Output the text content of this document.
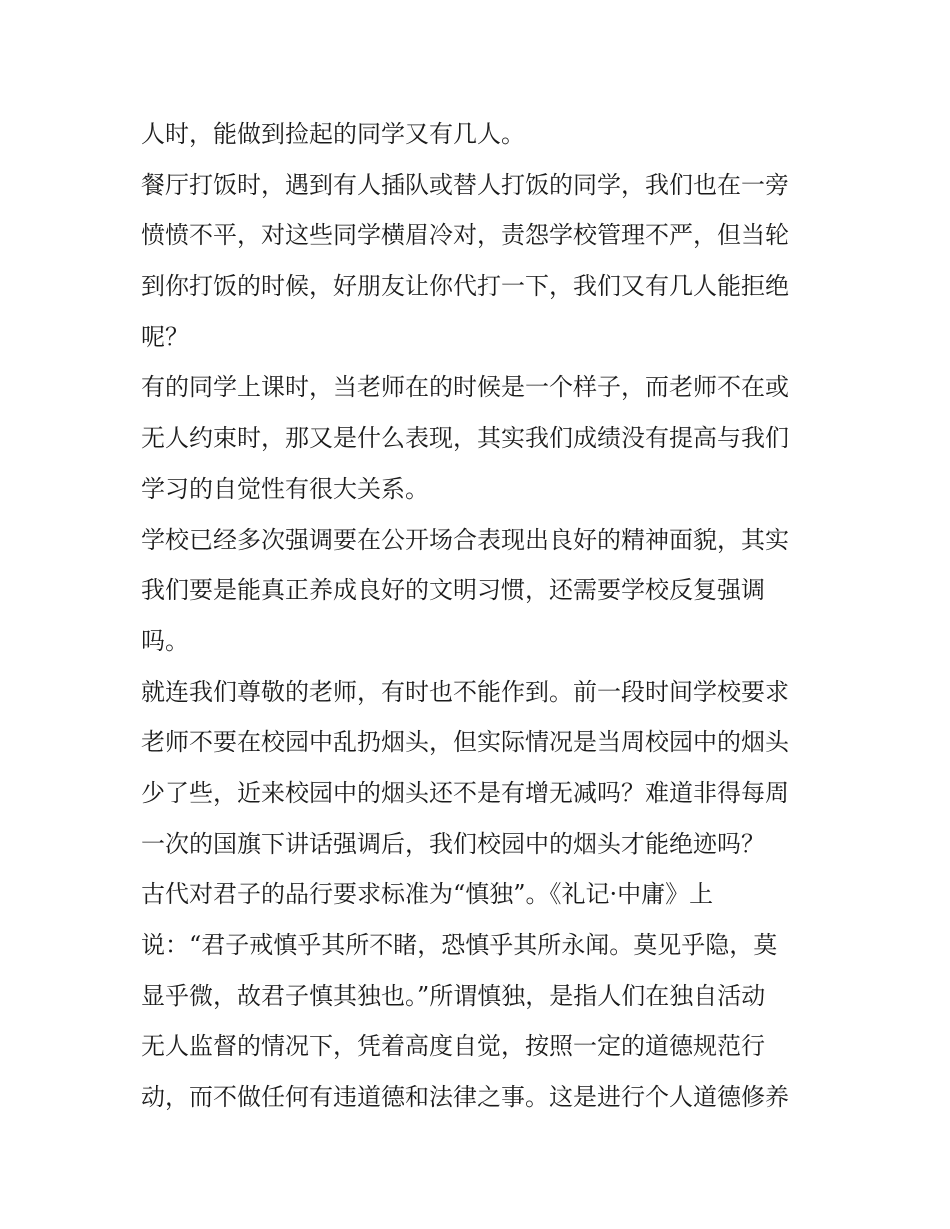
人时，能做到捡起的同学又有几人。
餐厅打饭时，遇到有人插队或替人打饭的同学，我们也在一旁
愤愤不平，对这些同学横眉冷对，责怨学校管理不严，但当轮
到你打饭的时候，好朋友让你代打一下，我们又有几人能拒绝
呢？
有的同学上课时，当老师在的时候是一个样子，而老师不在或
无人约束时，那又是什么表现，其实我们成绩没有提高与我们
学习的自觉性有很大关系。
学校已经多次强调要在公开场合表现出良好的精神面貌，其实
我们要是能真正养成良好的文明习惯，还需要学校反复强调
吗。
就连我们尊敬的老师，有时也不能作到。前一段时间学校要求
老师不要在校园中乱扔烟头，但实际情况是当周校园中的烟头
少了些，近来校园中的烟头还不是有增无减吗？难道非得每周
一次的国旗下讲话强调后，我们校园中的烟头才能绝迹吗？
古代对君子的品行要求标准为“慎独”。《礼记·中庸》上
说：“君子戒慎乎其所不睹，恐慎乎其所永闻。莫见乎隐，莫
显乎微，故君子慎其独也。”所谓慎独，是指人们在独自活动
无人监督的情况下，凭着高度自觉，按照一定的道德规范行
动，而不做任何有违道德和法律之事。这是进行个人道德修养
